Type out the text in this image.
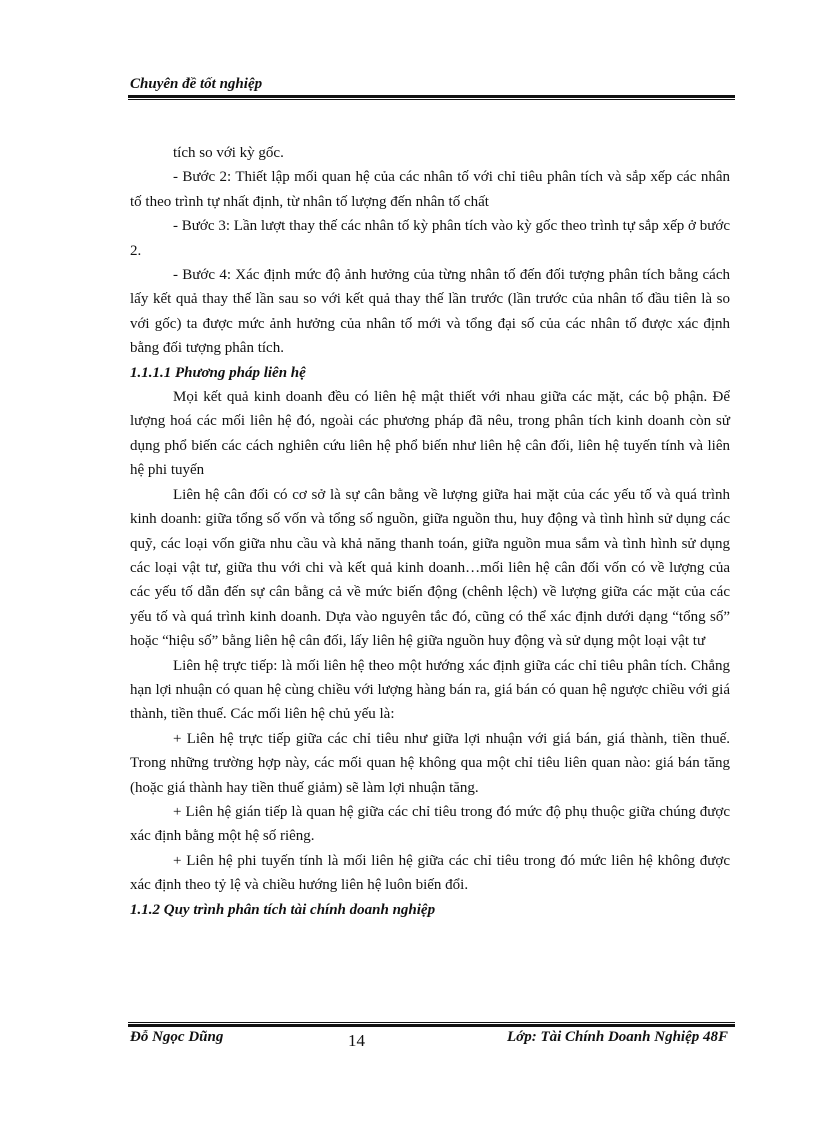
Chuyên đề tốt nghiệp

tích so với kỳ gốc.

- Bước 2: Thiết lập mối quan hệ của các nhân tố với chỉ tiêu phân tích và sắp xếp các nhân tố theo trình tự nhất định, từ nhân tố lượng đến nhân tố chất

- Bước 3: Lần lượt thay thế các nhân tố kỳ phân tích vào kỳ gốc theo trình tự sắp xếp ở bước 2.

- Bước 4: Xác định mức độ ảnh hưởng của từng nhân tố đến đối tượng phân tích bằng cách lấy kết quả thay thế lần sau so với kết quả thay thế lần trước (lần trước của nhân tố đầu tiên là so với gốc) ta được mức ảnh hưởng của nhân tố mới và tổng đại số của các nhân tố được xác định bằng đối tượng phân tích.

1.1.1.1 Phương pháp liên hệ

Mọi kết quả kinh doanh đều có liên hệ mật thiết với nhau giữa các mặt, các bộ phận. Để lượng hoá các mối liên hệ đó, ngoài các phương pháp đã nêu, trong phân tích kinh doanh còn sử dụng phổ biến các cách nghiên cứu liên hệ phổ biến như liên hệ cân đối, liên hệ tuyến tính và liên hệ phi tuyến

Liên hệ cân đối có cơ sở là sự cân bằng về lượng giữa hai mặt của các yếu tố và quá trình kinh doanh: giữa tổng số vốn và tổng số nguồn, giữa nguồn thu, huy động và tình hình sử dụng các quỹ, các loại vốn giữa nhu cầu và khả năng thanh toán, giữa nguồn mua sắm và tình hình sử dụng các loại vật tư, giữa thu với chi và kết quả kinh doanh…mối liên hệ cân đối vốn có về lượng của các yếu tố dẫn đến sự cân bằng cả về mức biến động (chênh lệch) về lượng giữa các mặt của các yếu tố và quá trình kinh doanh. Dựa vào nguyên tắc đó, cũng có thể xác định dưới dạng “tổng số” hoặc “hiệu số” bằng liên hệ cân đối, lấy liên hệ giữa nguồn huy động và sử dụng một loại vật tư

Liên hệ trực tiếp: là mối liên hệ theo một hướng xác định giữa các chỉ tiêu phân tích. Chẳng hạn lợi nhuận có quan hệ cùng chiều với lượng hàng bán ra, giá bán có quan hệ ngược chiều với giá thành, tiền thuế. Các mối liên hệ chủ yếu là:

+ Liên hệ trực tiếp giữa các chỉ tiêu như giữa lợi nhuận với giá bán, giá thành, tiền thuế. Trong những trường hợp này, các mối quan hệ không qua một chỉ tiêu liên quan nào: giá bán tăng (hoặc giá thành hay tiền thuế giảm) sẽ làm lợi nhuận tăng.

+ Liên hệ gián tiếp là quan hệ giữa các chỉ tiêu trong đó mức độ phụ thuộc giữa chúng được xác định bằng một hệ số riêng.

+ Liên hệ phi tuyến tính là mối liên hệ giữa các chỉ tiêu trong đó mức liên hệ không được xác định theo tỷ lệ và chiều hướng liên hệ luôn biến đổi.

1.1.2 Quy trình phân tích tài chính doanh nghiệp
Đỗ Ngọc Dũng	14	Lớp: Tài Chính Doanh Nghiệp 48F
